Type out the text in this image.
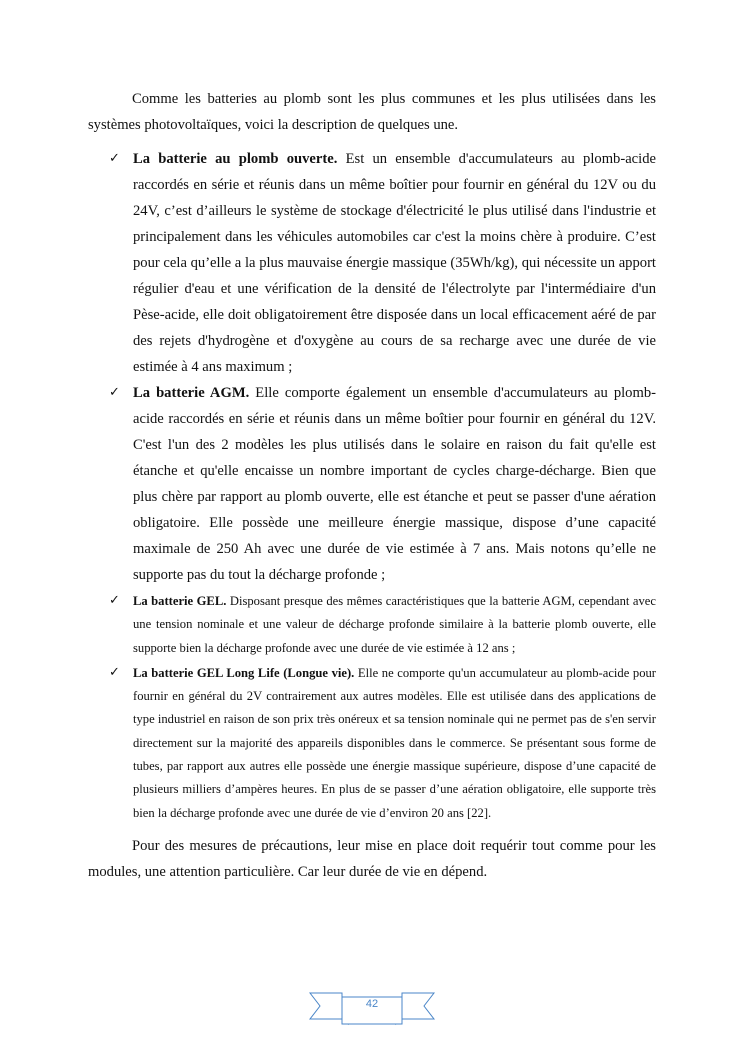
Comme les batteries au plomb sont les plus communes et les plus utilisées dans les systèmes photovoltaïques, voici la description de quelques une.

✓ La batterie au plomb ouverte. Est un ensemble d'accumulateurs au plomb-acide raccordés en série et réunis dans un même boîtier pour fournir en général du 12V ou du 24V, c’est d’ailleurs le système de stockage d'électricité le plus utilisé dans l'industrie et principalement dans les véhicules automobiles car c'est la moins chère à produire. C’est pour cela qu’elle a la plus mauvaise énergie massique (35Wh/kg), qui nécessite un apport régulier d'eau et une vérification de la densité de l'électrolyte par l'intermédiaire d'un Pèse-acide, elle doit obligatoirement être disposée dans un local efficacement aéré de par des rejets d'hydrogène et d'oxygène au cours de sa recharge avec une durée de vie estimée à 4 ans maximum ;
✓ La batterie AGM. Elle comporte également un ensemble d'accumulateurs au plomb-acide raccordés en série et réunis dans un même boîtier pour fournir en général du 12V. C'est l'un des 2 modèles les plus utilisés dans le solaire en raison du fait qu'elle est étanche et qu'elle encaisse un nombre important de cycles charge-décharge. Bien que plus chère par rapport au plomb ouverte, elle est étanche et peut se passer d'une aération obligatoire. Elle possède une meilleure énergie massique, dispose d’une capacité maximale de 250 Ah avec une durée de vie estimée à 7 ans. Mais notons qu’elle ne supporte pas du tout la décharge profonde ;
✓ La batterie GEL. Disposant presque des mêmes caractéristiques que la batterie AGM, cependant avec une tension nominale et une valeur de décharge profonde similaire à la batterie plomb ouverte, elle supporte bien la décharge profonde avec une durée de vie estimée à 12 ans ;
✓ La batterie GEL Long Life (Longue vie). Elle ne comporte qu'un accumulateur au plomb-acide pour fournir en général du 2V contrairement aux autres modèles. Elle est utilisée dans des applications de type industriel en raison de son prix très onéreux et sa tension nominale qui ne permet pas de s'en servir directement sur la majorité des appareils disponibles dans le commerce. Se présentant sous forme de tubes, par rapport aux autres elle possède une énergie massique supérieure, dispose d’une capacité de plusieurs milliers d’ampères heures. En plus de se passer d’une aération obligatoire, elle supporte très bien la décharge profonde avec une durée de vie d’environ 20 ans [22].

Pour des mesures de précautions, leur mise en place doit requérir tout comme pour les modules, une attention particulière. Car leur durée de vie en dépend.

42
